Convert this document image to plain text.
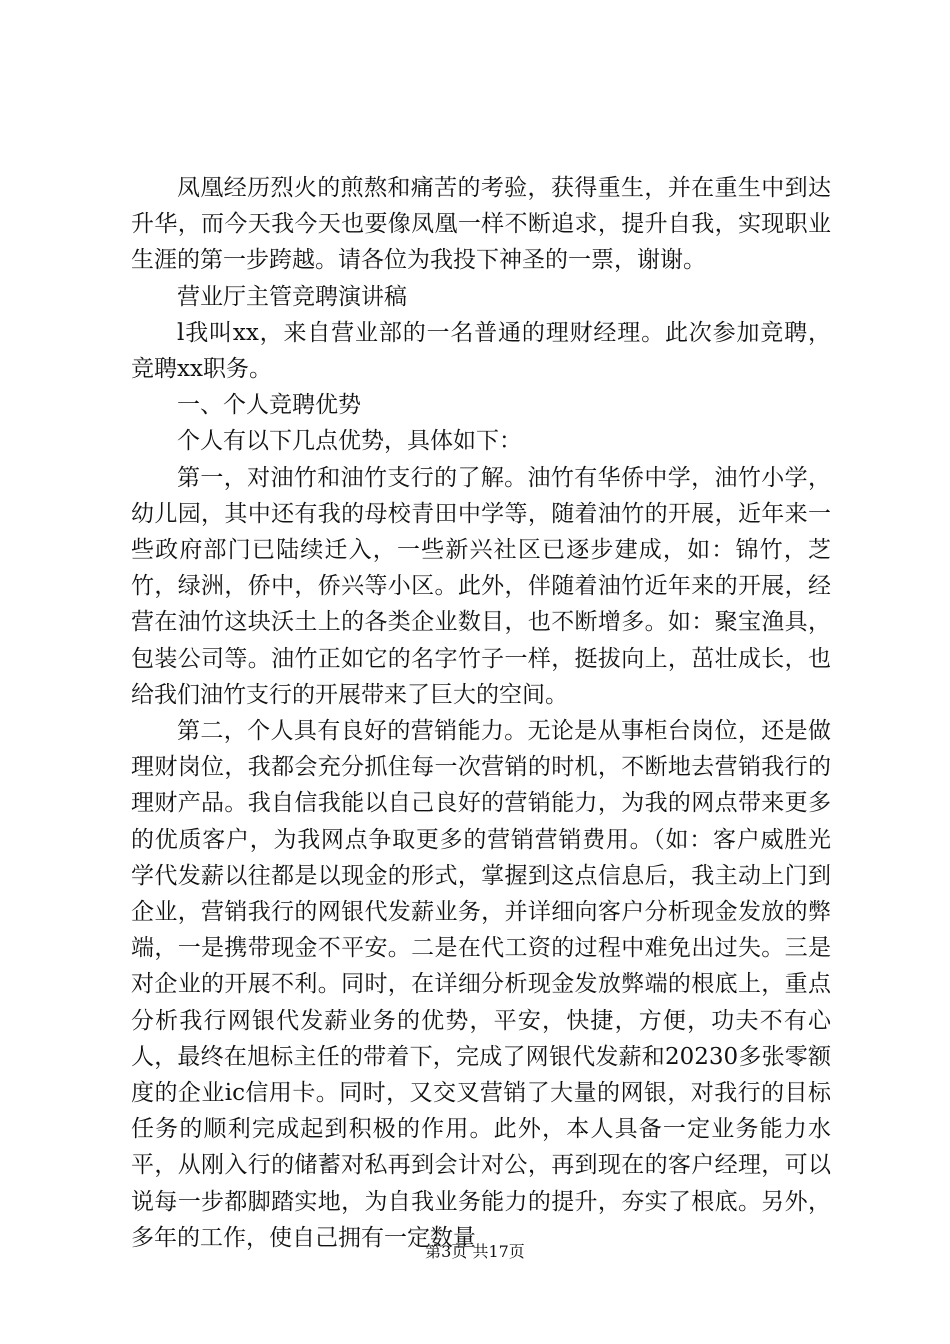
凤凰经历烈火的煎熬和痛苦的考验，获得重生，并在重生中到达升华，而今天我今天也要像凤凰一样不断追求，提升自我，实现职业生涯的第一步跨越。请各位为我投下神圣的一票，谢谢。

营业厅主管竞聘演讲稿

l我叫xx，来自营业部的一名普通的理财经理。此次参加竞聘，竞聘xx职务。

一、个人竞聘优势

个人有以下几点优势，具体如下：

第一，对油竹和油竹支行的了解。油竹有华侨中学，油竹小学，幼儿园，其中还有我的母校青田中学等，随着油竹的开展，近年来一些政府部门已陆续迁入，一些新兴社区已逐步建成，如：锦竹，芝竹，绿洲，侨中，侨兴等小区。此外，伴随着油竹近年来的开展，经营在油竹这块沃土上的各类企业数目，也不断增多。如：聚宝渔具，包装公司等。油竹正如它的名字竹子一样，挺拔向上，茁壮成长，也给我们油竹支行的开展带来了巨大的空间。

第二，个人具有良好的营销能力。无论是从事柜台岗位，还是做理财岗位，我都会充分抓住每一次营销的时机，不断地去营销我行的理财产品。我自信我能以自己良好的营销能力，为我的网点带来更多的优质客户，为我网点争取更多的营销营销费用。（如：客户威胜光学代发薪以往都是以现金的形式，掌握到这点信息后，我主动上门到企业，营销我行的网银代发薪业务，并详细向客户分析现金发放的弊端，一是携带现金不平安。二是在代工资的过程中难免出过失。三是对企业的开展不利。同时，在详细分析现金发放弊端的根底上，重点分析我行网银代发薪业务的优势，平安，快捷，方便，功夫不有心人，最终在旭标主任的带着下，完成了网银代发薪和20230多张零额度的企业ic信用卡。同时，又交叉营销了大量的网银，对我行的目标任务的顺利完成起到积极的作用。此外，本人具备一定业务能力水平，从刚入行的储蓄对私再到会计对公，再到现在的客户经理，可以说每一步都脚踏实地，为自我业务能力的提升，夯实了根底。另外，多年的工作，使自己拥有一定数量

第3页 共17页
